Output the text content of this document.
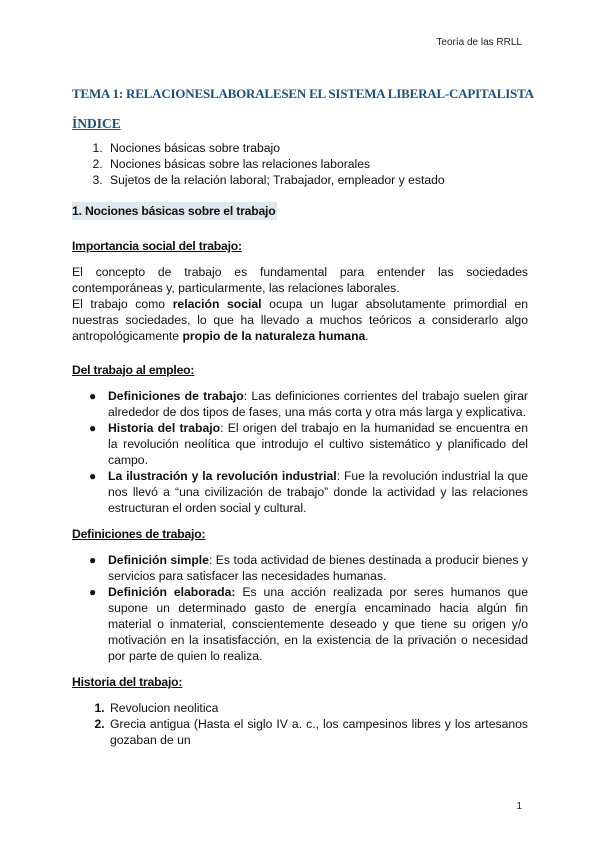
Teoría de las RRLL
TEMA 1: RELACIONESLABORALESEN EL SISTEMA LIBERAL-CAPITALISTA
ÍNDICE
1. Nociones básicas sobre trabajo
2. Nociones básicas sobre las relaciones laborales
3. Sujetos de la relación laboral; Trabajador, empleador y estado
1. Nociones básicas sobre el trabajo
Importancia social del trabajo:

El concepto de trabajo es fundamental para entender las sociedades contemporáneas y, particularmente, las relaciones laborales.

El trabajo como relación social ocupa un lugar absolutamente primordial en nuestras sociedades, lo que ha llevado a muchos teóricos a considerarlo algo antropológicamente propio de la naturaleza humana.

Del trabajo al empleo:
● Definiciones de trabajo: Las definiciones corrientes del trabajo suelen girar alrededor de dos tipos de fases, una más corta y otra más larga y explicativa.
● Historia del trabajo: El origen del trabajo en la humanidad se encuentra en la revolución neolítica que introdujo el cultivo sistemático y planificado del campo.
● La ilustración y la revolución industrial: Fue la revolución industrial la que nos llevó a “una civilización de trabajo” donde la actividad y las relaciones estructuran el orden social y cultural.
Definiciones de trabajo:
● Definición simple: Es toda actividad de bienes destinada a producir bienes y servicios para satisfacer las necesidades humanas.
● Definición elaborada: Es una acción realizada por seres humanos que supone un determinado gasto de energía encaminado hacia algún fin material o inmaterial, conscientemente deseado y que tiene su origen y/o motivación en la insatisfacción, en la existencia de la privación o necesidad por parte de quien lo realiza.
Historia del trabajo:
1. Revolucion neolitica
2. Grecia antigua (Hasta el siglo IV a. c., los campesinos libres y los artesanos gozaban de un
1
